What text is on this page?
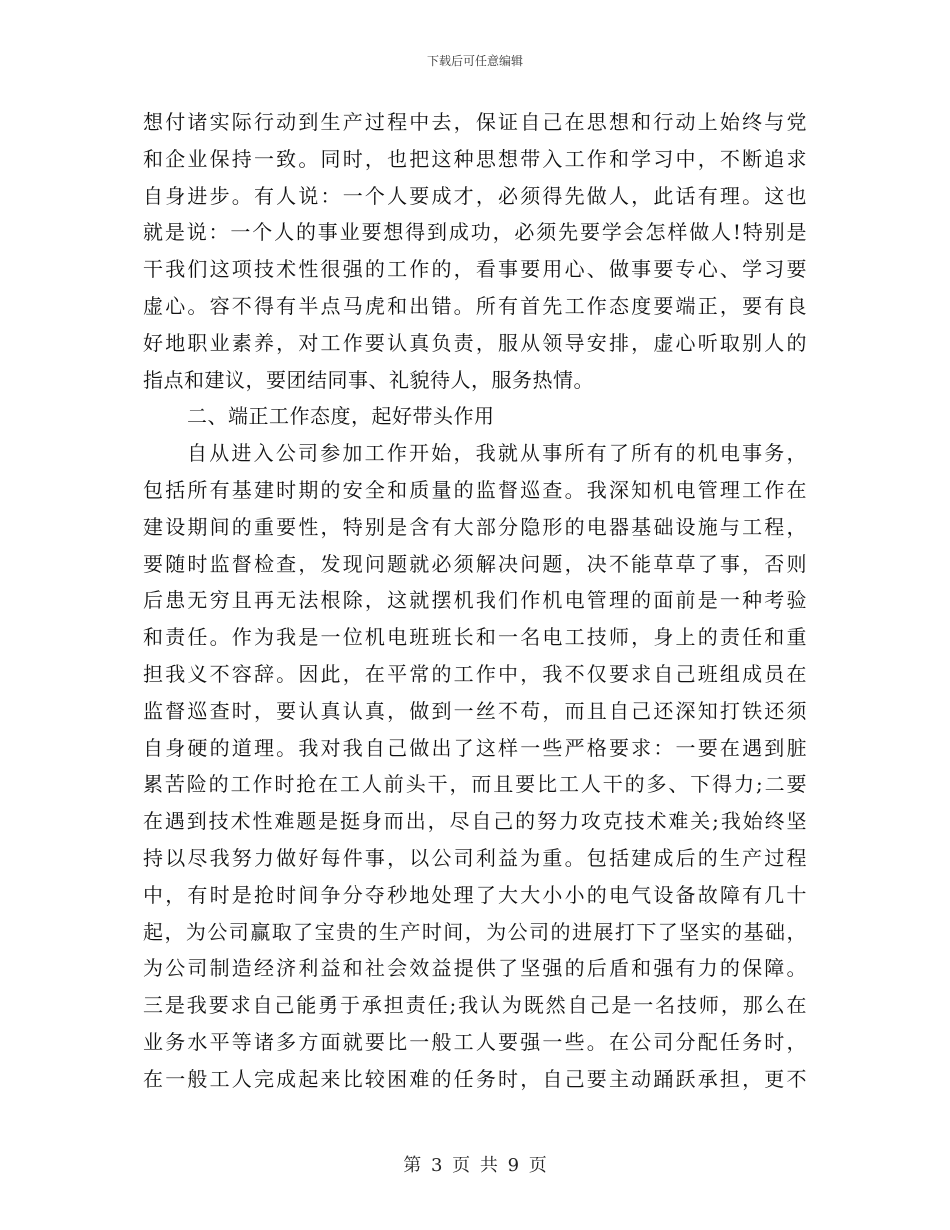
下载后可任意编辑
想付诸实际行动到生产过程中去，保证自己在思想和行动上始终与党
和企业保持一致。同时，也把这种思想带入工作和学习中，不断追求
自身进步。有人说：一个人要成才，必须得先做人，此话有理。这也
就是说：一个人的事业要想得到成功，必须先要学会怎样做人!特别是
干我们这项技术性很强的工作的，看事要用心、做事要专心、学习要
虚心。容不得有半点马虎和出错。所有首先工作态度要端正，要有良
好地职业素养，对工作要认真负责，服从领导安排，虚心听取别人的
指点和建议，要团结同事、礼貌待人，服务热情。
二、端正工作态度，起好带头作用
自从进入公司参加工作开始，我就从事所有了所有的机电事务，
包括所有基建时期的安全和质量的监督巡查。我深知机电管理工作在
建设期间的重要性，特别是含有大部分隐形的电器基础设施与工程，
要随时监督检查，发现问题就必须解决问题，决不能草草了事，否则
后患无穷且再无法根除，这就摆机我们作机电管理的面前是一种考验
和责任。作为我是一位机电班班长和一名电工技师，身上的责任和重
担我义不容辞。因此，在平常的工作中，我不仅要求自己班组成员在
监督巡查时，要认真认真，做到一丝不苟，而且自己还深知打铁还须
自身硬的道理。我对我自己做出了这样一些严格要求：一要在遇到脏
累苦险的工作时抢在工人前头干，而且要比工人干的多、下得力;二要
在遇到技术性难题是挺身而出，尽自己的努力攻克技术难关;我始终坚
持以尽我努力做好每件事，以公司利益为重。包括建成后的生产过程
中，有时是抢时间争分夺秒地处理了大大小小的电气设备故障有几十
起，为公司赢取了宝贵的生产时间，为公司的进展打下了坚实的基础，
为公司制造经济利益和社会效益提供了坚强的后盾和强有力的保障。
三是我要求自己能勇于承担责任;我认为既然自己是一名技师，那么在
业务水平等诸多方面就要比一般工人要强一些。在公司分配任务时，
在一般工人完成起来比较困难的任务时，自己要主动踊跃承担，更不
第 3 页 共 9 页
